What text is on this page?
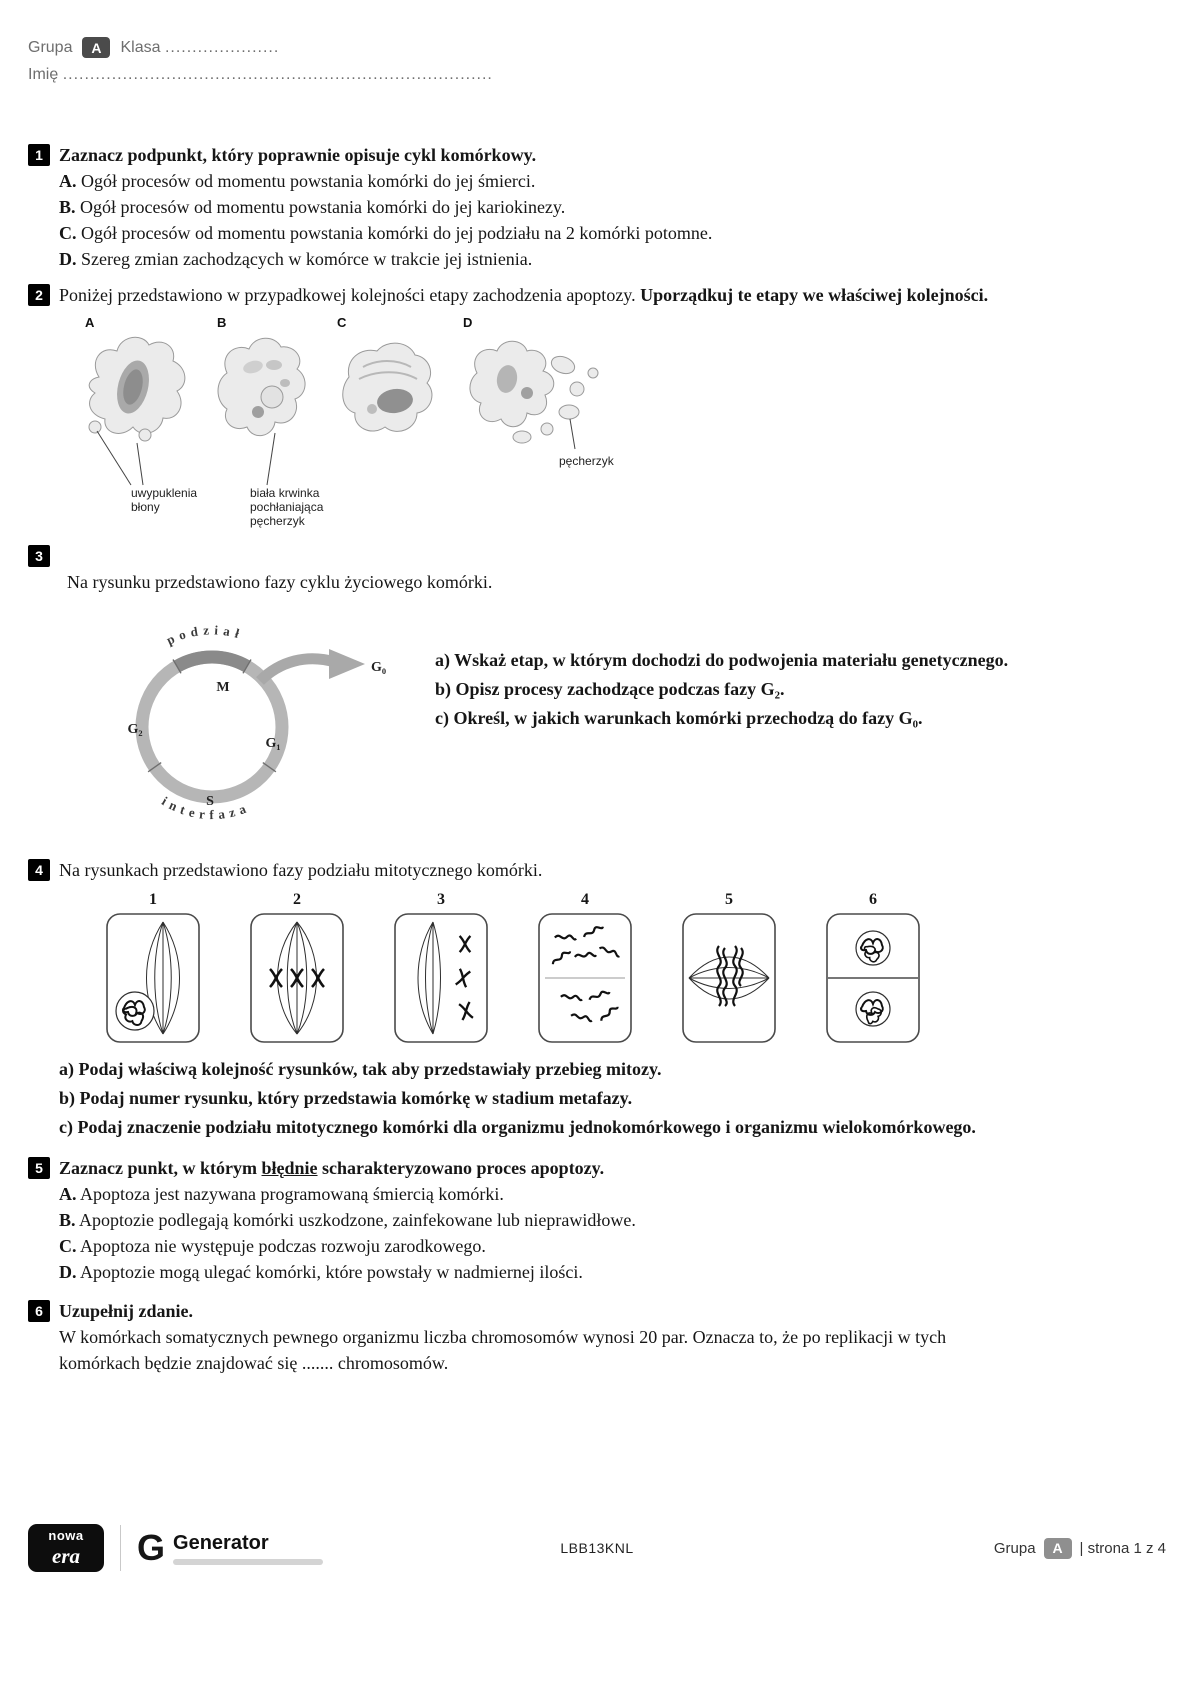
Grupa	A	Klasa .....................
Imię ...............................................................................
1 Zaznacz podpunkt, który poprawnie opisuje cykl komórkowy.

A. Ogół procesów od momentu powstania komórki do jej śmierci.

B. Ogół procesów od momentu powstania komórki do jej kariokinezy.

C. Ogół procesów od momentu powstania komórki do jej podziału na 2 komórki potomne.

D. Szereg zmian zachodzących w komórce w trakcie jej istnienia.

2 Poniżej przedstawiono w przypadkowej kolejności etapy zachodzenia apoptozy. Uporządkuj te etapy we właściwej kolejności.

A	B	C	D
uwypuklenia
błony
biała krwinka
pochłaniająca
pęcherzyk
pęcherzyk
3

Na rysunku przedstawiono fazy cyklu życiowego komórki.

podział
interfaza
M
G₀
G₂
G₁
S

a) Wskaż etap, w którym dochodzi do podwojenia materiału genetycznego.

b) Opisz procesy zachodzące podczas fazy G₂.

c) Określ, w jakich warunkach komórki przechodzą do fazy G₀.

4 Na rysunkach przedstawiono fazy podziału mitotycznego komórki.

1	2	3	4	5	6

a) Podaj właściwą kolejność rysunków, tak aby przedstawiały przebieg mitozy.

b) Podaj numer rysunku, który przedstawia komórkę w stadium metafazy.

c) Podaj znaczenie podziału mitotycznego komórki dla organizmu jednokomórkowego i organizmu wielokomórkowego.

5 Zaznacz punkt, w którym błędnie scharakteryzowano proces apoptozy.

A. Apoptoza jest nazywana programowaną śmiercią komórki.

B. Apoptozie podlegają komórki uszkodzone, zainfekowane lub nieprawidłowe.

C. Apoptoza nie występuje podczas rozwoju zarodkowego.

D. Apoptozie mogą ulegać komórki, które powstały w nadmiernej ilości.

6 Uzupełnij zdanie.

W komórkach somatycznych pewnego organizmu liczba chromosomów wynosi 20 par. Oznacza to, że po replikacji w tych komórkach będzie znajdować się ....... chromosomów.

nowa
era G Generator	LBB13KNL	Grupa	A	| strona 1 z 4
